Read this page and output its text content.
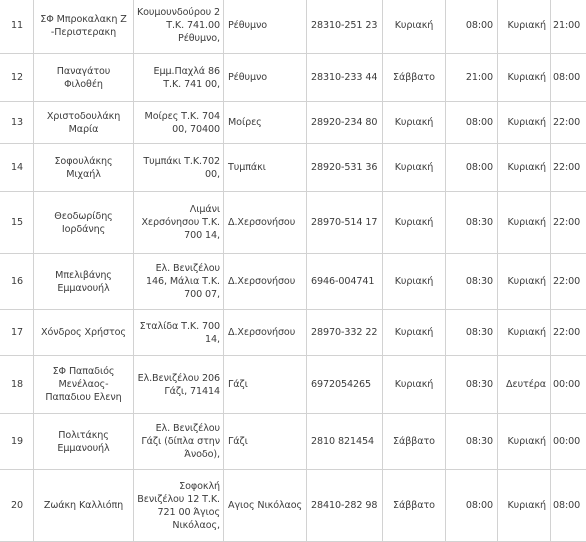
11	ΣΦ Μπροκαλακη Ζ -Περιστερακη	Κουμουνδούρου 2 Τ.Κ. 741.00 Ρέθυμνο,	Ρέθυμνο	28310-251 23	Κυριακή	08:00	Κυριακή	21:00
12	Παναγάτου Φιλοθέη	Εμμ.Παχλά 86 Τ.Κ. 741 00,	Ρέθυμνο	28310-233 44	Σάββατο	21:00	Κυριακή	08:00
13	Χριστοδουλάκη Μαρία	Μοίρες Τ.Κ. 704 00, 70400	Μοίρες	28920-234 80	Κυριακή	08:00	Κυριακή	22:00
14	Σοφουλάκης Μιχαήλ	Τυμπάκι Τ.Κ.702 00,	Τυμπάκι	28920-531 36	Κυριακή	08:00	Κυριακή	22:00
15	Θεοδωρίδης Ιορδάνης	Λιμάνι Χερσόνησου Τ.Κ. 700 14,	Δ.Χερσονήσου	28970-514 17	Κυριακή	08:30	Κυριακή	22:00
16	Μπελιβάνης Εμμανουήλ	Ελ. Βενιζέλου 146, Μάλια Τ.Κ. 700 07,	Δ.Χερσονήσου	6946-004741	Κυριακή	08:30	Κυριακή	22:00
17	Χόνδρος Χρήστος	Σταλίδα Τ.Κ. 700 14,	Δ.Χερσονήσου	28970-332 22	Κυριακή	08:30	Κυριακή	22:00
18	ΣΦ Παπαδιός Μενέλαος-Παπαδιου Ελενη	Ελ.Βενιζέλου 206 Γάζι, 71414	Γάζι	6972054265	Κυριακή	08:30	Δευτέρα	00:00
19	Πολιτάκης Εμμανουήλ	Ελ. Βενιζέλου Γάζι (δίπλα στην Άνοδο),	Γάζι	2810 821454	Σάββατο	08:30	Κυριακή	00:00
20	Ζωάκη Καλλιόπη	Σοφοκλή Βενιζέλου 12 Τ.Κ. 721 00 Άγιος Νικόλαος,	Αγιος Νικόλαος	28410-282 98	Σάββατο	08:00	Κυριακή	08:00
